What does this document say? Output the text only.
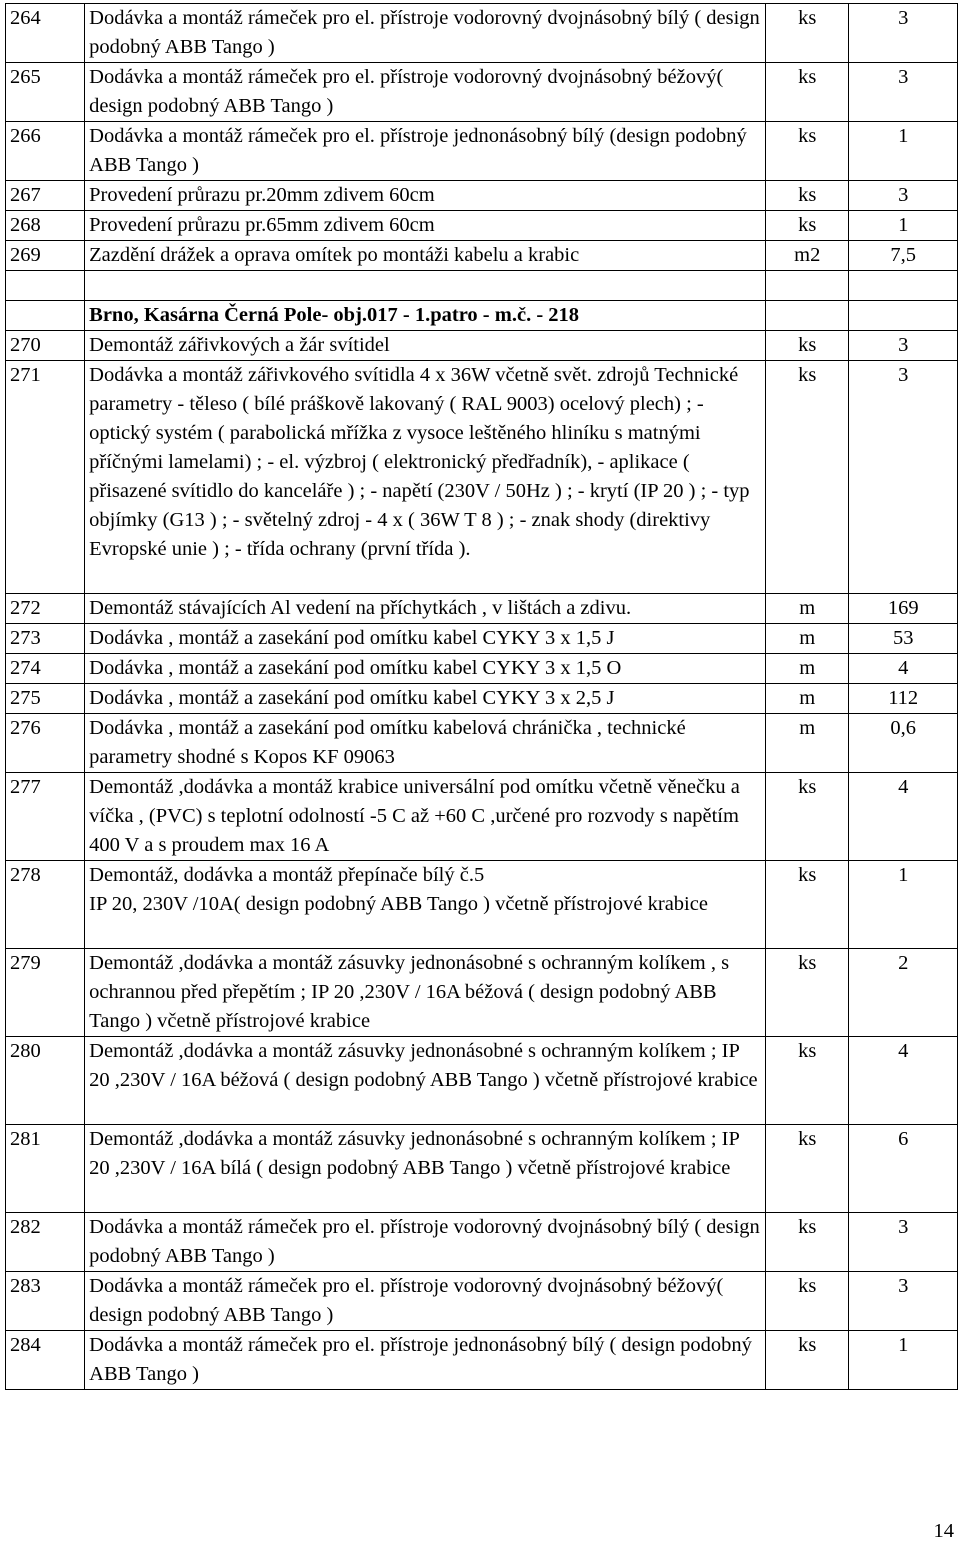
264	Dodávka a montáž rámeček pro el. přístroje vodorovný dvojnásobný bílý ( design podobný ABB Tango )	ks	3
265	Dodávka a montáž rámeček pro el. přístroje vodorovný dvojnásobný béžový( design podobný ABB Tango )	ks	3
266	Dodávka a montáž rámeček pro el. přístroje jednonásobný bílý (design podobný ABB Tango )	ks	1
267	Provedení průrazu pr.20mm zdivem 60cm	ks	3
268	Provedení průrazu pr.65mm zdivem 60cm	ks	1
269	Zazdění drážek a oprava omítek po montáži kabelu a krabic	m2	7,5

	Brno, Kasárna Černá Pole- obj.017 - 1.patro - m.č. - 218		
270	Demontáž zářivkových a žár svítidel	ks	3
271	Dodávka a montáž zářivkového svítidla 4 x 36W včetně svět. zdrojů Technické parametry - těleso ( bílé práškově lakovaný ( RAL 9003) ocelový plech) ; - optický systém ( parabolická mřížka z vysoce leštěného hliníku s matnými příčnými lamelami) ; - el. výzbroj ( elektronický předřadník), - aplikace ( přisazené svítidlo do kanceláře ) ; - napětí (230V / 50Hz ) ; - krytí (IP 20 ) ; - typ objímky (G13 ) ; - světelný zdroj - 4 x ( 36W T 8 ) ; - znak shody (direktivy Evropské unie ) ; - třída ochrany (první třída ).	ks	3
272	Demontáž stávajících Al vedení na příchytkách , v lištách a zdivu.	m	169
273	Dodávka , montáž a zasekání pod omítku kabel CYKY 3 x 1,5 J	m	53
274	Dodávka , montáž a zasekání pod omítku kabel CYKY 3 x 1,5 O	m	4
275	Dodávka , montáž a zasekání pod omítku kabel CYKY 3 x 2,5 J	m	112
276	Dodávka , montáž a zasekání pod omítku kabelová chránička , technické parametry shodné s Kopos KF 09063	m	0,6
277	Demontáž ,dodávka a montáž krabice universální pod omítku včetně věnečku a víčka , (PVC) s teplotní odolností -5 C až +60 C ,určené pro rozvody s napětím 400 V a s proudem max 16 A	ks	4
278	Demontáž, dodávka a montáž přepínače bílý č.5
IP 20, 230V /10A( design podobný ABB Tango ) včetně přístrojové krabice	ks	1
279	Demontáž ,dodávka a montáž zásuvky jednonásobné s ochranným kolíkem , s ochrannou před přepětím ; IP 20 ,230V / 16A béžová ( design podobný ABB Tango ) včetně přístrojové krabice	ks	2
280	Demontáž ,dodávka a montáž zásuvky jednonásobné s ochranným kolíkem ; IP 20 ,230V / 16A béžová ( design podobný ABB Tango ) včetně přístrojové krabice	ks	4
281	Demontáž ,dodávka a montáž zásuvky jednonásobné s ochranným kolíkem ; IP 20 ,230V / 16A bílá ( design podobný ABB Tango ) včetně přístrojové krabice	ks	6
282	Dodávka a montáž rámeček pro el. přístroje vodorovný dvojnásobný bílý ( design podobný ABB Tango )	ks	3
283	Dodávka a montáž rámeček pro el. přístroje vodorovný dvojnásobný béžový( design podobný ABB Tango )	ks	3
284	Dodávka a montáž rámeček pro el. přístroje jednonásobný bílý ( design podobný ABB Tango )	ks	1
14
